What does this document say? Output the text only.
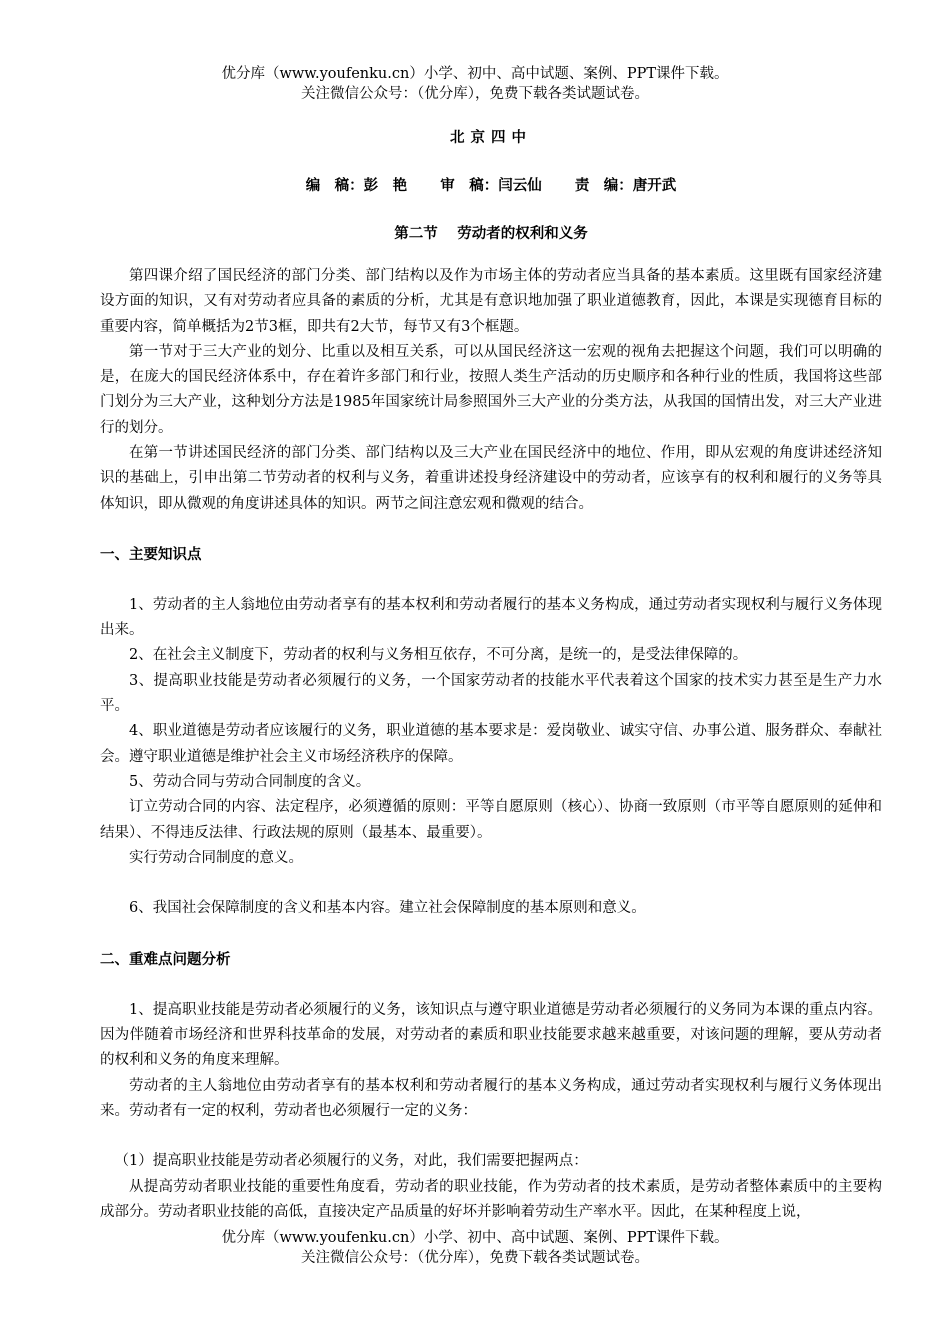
优分库（www.youfenku.cn）小学、初中、高中试题、案例、PPT课件下载。
关注微信公众号：（优分库），免费下载各类试题试卷。
北京四中
编　稿：彭　艳 审　稿：闫云仙 责　编：唐开武
第二节　 劳动者的权利和义务

第四课介绍了国民经济的部门分类、部门结构以及作为市场主体的劳动者应当具备的基本素质。这里既有国家经济建设方面的知识，又有对劳动者应具备的素质的分析，尤其是有意识地加强了职业道德教育，因此，本课是实现德育目标的重要内容，简单概括为2节3框，即共有2大节，每节又有3个框题。

第一节对于三大产业的划分、比重以及相互关系，可以从国民经济这一宏观的视角去把握这个问题，我们可以明确的是，在庞大的国民经济体系中，存在着许多部门和行业，按照人类生产活动的历史顺序和各种行业的性质，我国将这些部门划分为三大产业，这种划分方法是1985年国家统计局参照国外三大产业的分类方法，从我国的国情出发，对三大产业进行的划分。

在第一节讲述国民经济的部门分类、部门结构以及三大产业在国民经济中的地位、作用，即从宏观的角度讲述经济知识的基础上，引申出第二节劳动者的权利与义务，着重讲述投身经济建设中的劳动者，应该享有的权利和履行的义务等具体知识，即从微观的角度讲述具体的知识。两节之间注意宏观和微观的结合。

一、主要知识点

1、劳动者的主人翁地位由劳动者享有的基本权利和劳动者履行的基本义务构成，通过劳动者实现权利与履行义务体现出来。

2、在社会主义制度下，劳动者的权利与义务相互依存，不可分离，是统一的，是受法律保障的。

3、提高职业技能是劳动者必须履行的义务，一个国家劳动者的技能水平代表着这个国家的技术实力甚至是生产力水平。

4、职业道德是劳动者应该履行的义务，职业道德的基本要求是：爱岗敬业、诚实守信、办事公道、服务群众、奉献社会。遵守职业道德是维护社会主义市场经济秩序的保障。

5、劳动合同与劳动合同制度的含义。

订立劳动合同的内容、法定程序，必须遵循的原则：平等自愿原则（核心）、协商一致原则（市平等自愿原则的延伸和结果）、不得违反法律、行政法规的原则（最基本、最重要）。

实行劳动合同制度的意义。

6、我国社会保障制度的含义和基本内容。建立社会保障制度的基本原则和意义。

二、重难点问题分析

1、提高职业技能是劳动者必须履行的义务，该知识点与遵守职业道德是劳动者必须履行的义务同为本课的重点内容。因为伴随着市场经济和世界科技革命的发展，对劳动者的素质和职业技能要求越来越重要，对该问题的理解，要从劳动者的权利和义务的角度来理解。

劳动者的主人翁地位由劳动者享有的基本权利和劳动者履行的基本义务构成，通过劳动者实现权利与履行义务体现出来。劳动者有一定的权利，劳动者也必须履行一定的义务：

（1）提高职业技能是劳动者必须履行的义务，对此，我们需要把握两点：

从提高劳动者职业技能的重要性角度看，劳动者的职业技能，作为劳动者的技术素质，是劳动者整体素质中的主要构成部分。劳动者职业技能的高低，直接决定产品质量的好坏并影响着劳动生产率水平。因此，在某种程度上说，

优分库（www.youfenku.cn）小学、初中、高中试题、案例、PPT课件下载。
关注微信公众号：（优分库），免费下载各类试题试卷。
